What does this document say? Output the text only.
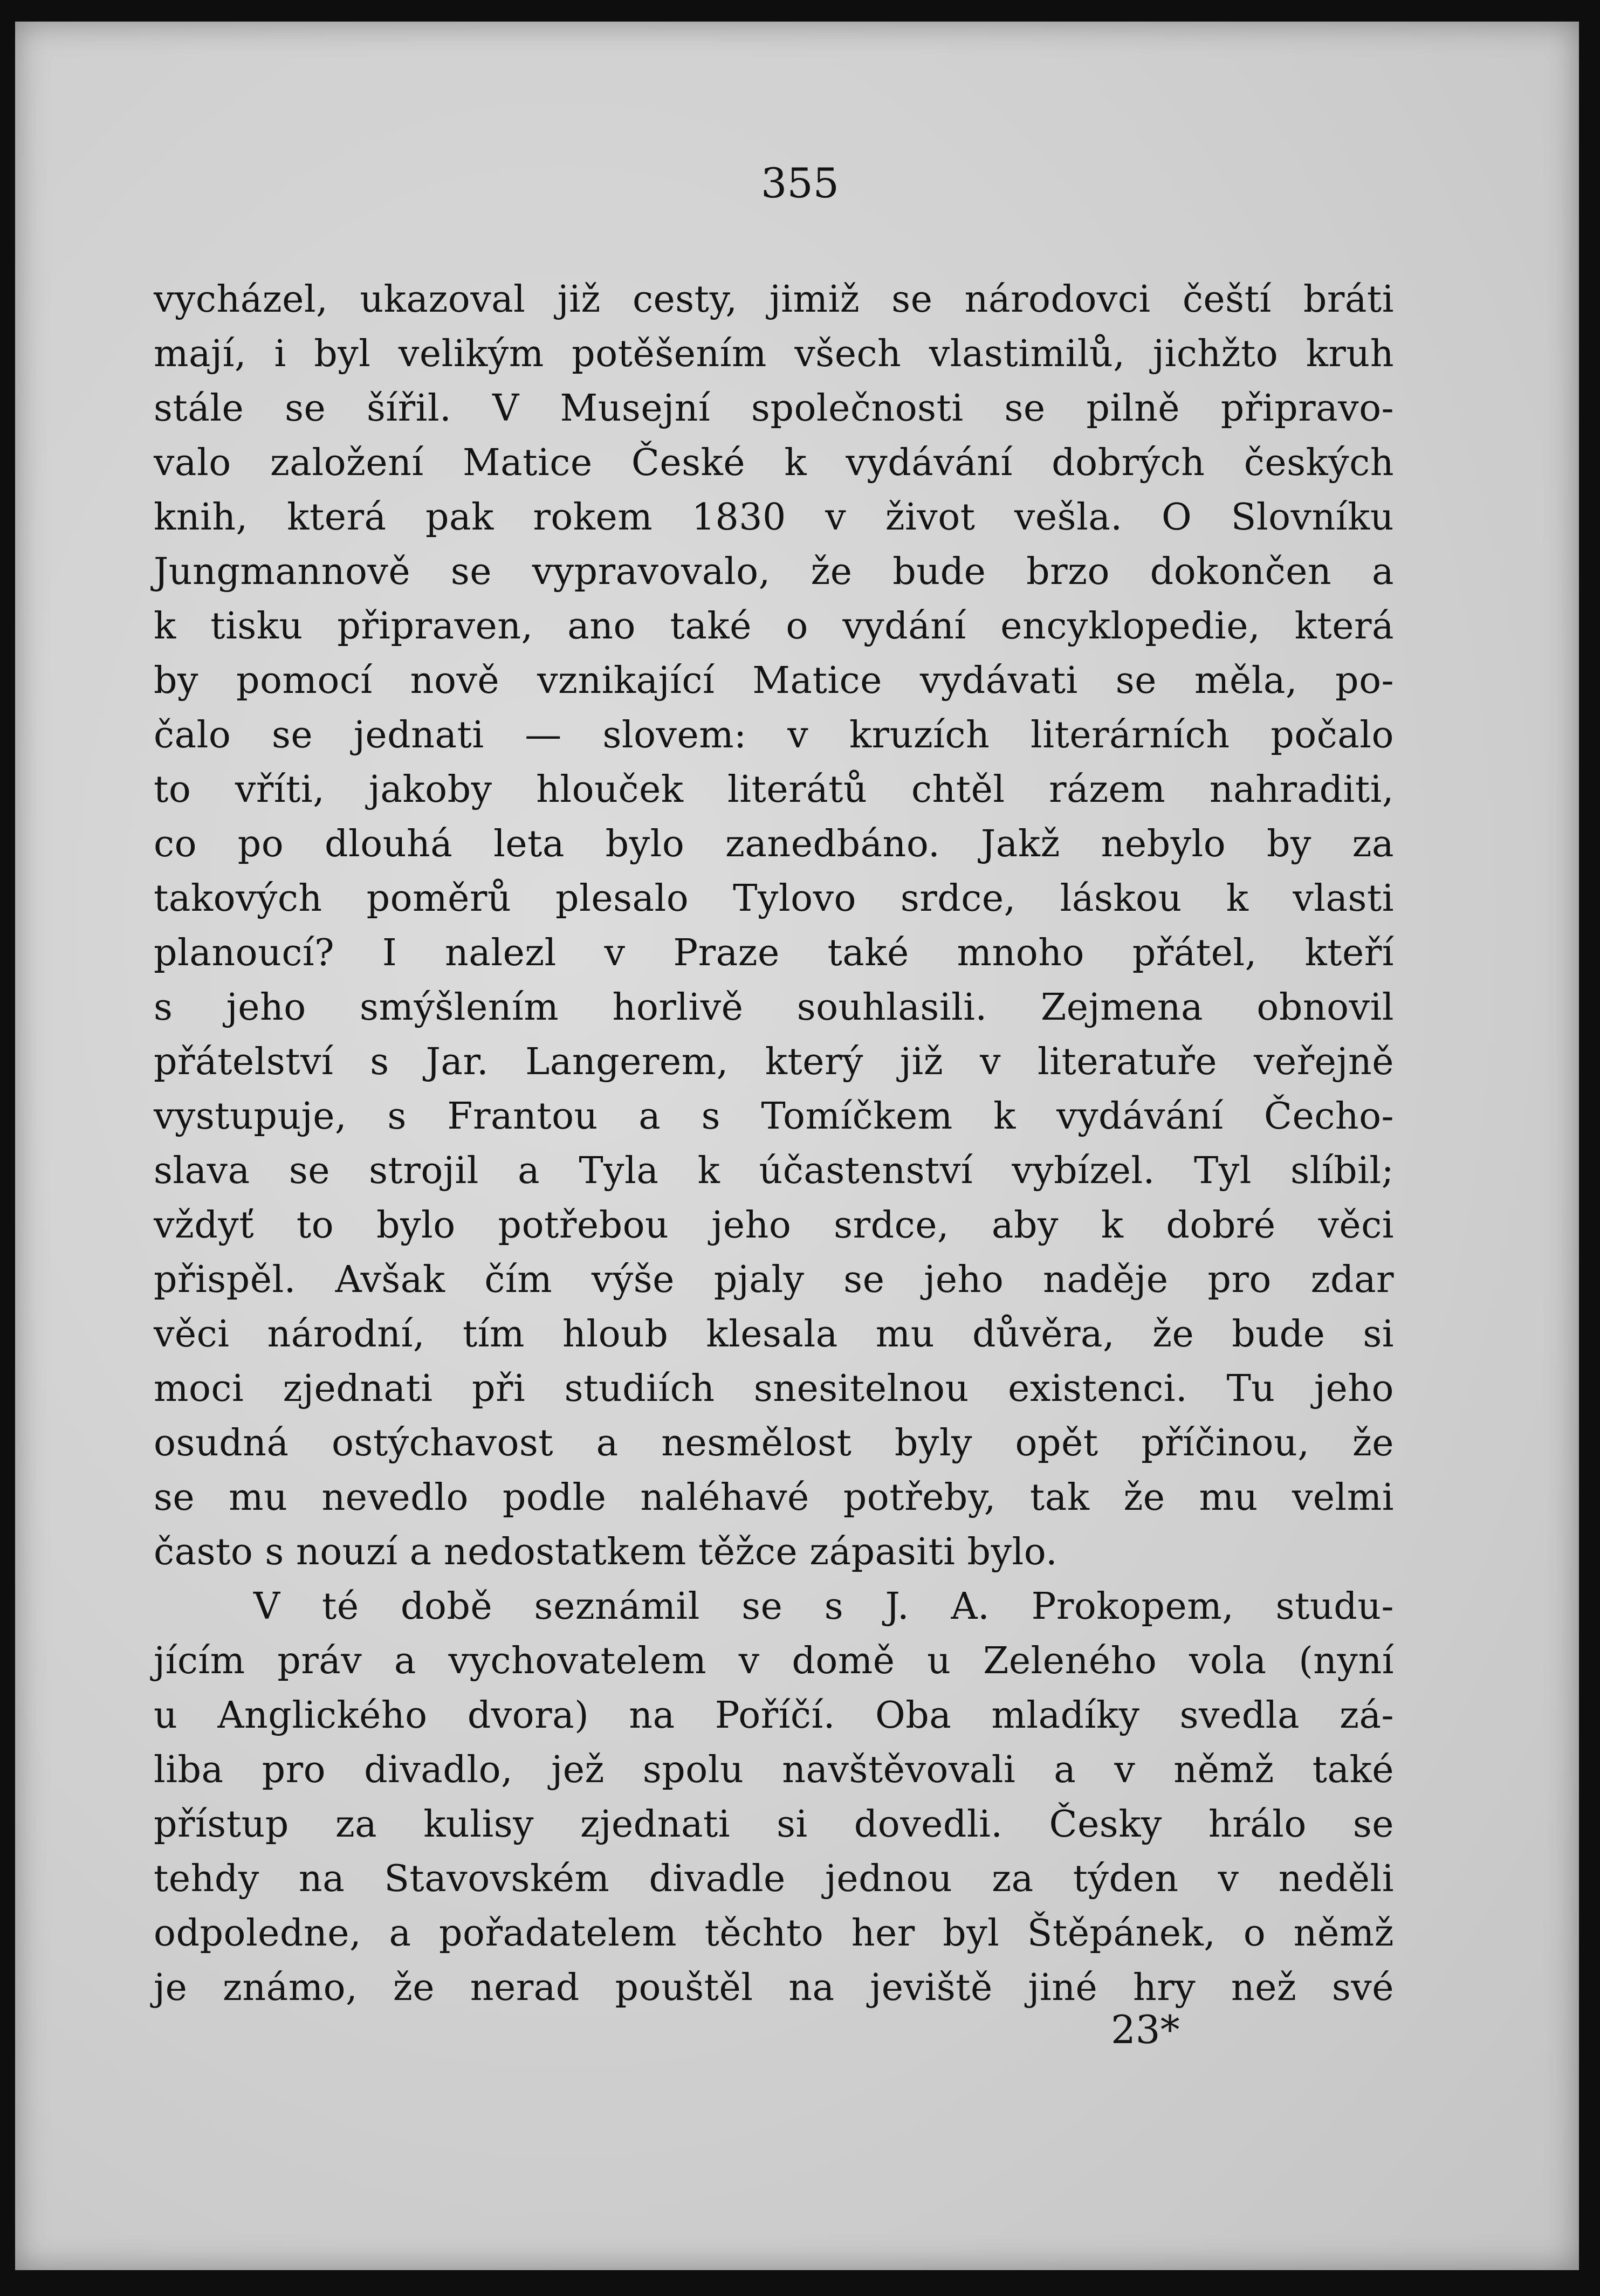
355
vycházel, ukazoval již cesty, jimiž se národovci čeští bráti
mají, i byl velikým potěšením všech vlastimilů, jichžto kruh
stále se šířil. V Musejní společnosti se pilně připravo-
valo založení Matice České k vydávání dobrých českých
knih, která pak rokem 1830 v život vešla. O Slovníku
Jungmannově se vypravovalo, že bude brzo dokončen a
k tisku připraven, ano také o vydání encyklopedie, která
by pomocí nově vznikající Matice vydávati se měla, po-
čalo se jednati — slovem: v kruzích literárních počalo
to vříti, jakoby hlouček literátů chtěl rázem nahraditi,
co po dlouhá leta bylo zanedbáno. Jakž nebylo by za
takových poměrů plesalo Tylovo srdce, láskou k vlasti
planoucí? I nalezl v Praze také mnoho přátel, kteří
s jeho smýšlením horlivě souhlasili. Zejmena obnovil
přátelství s Jar. Langerem, který již v literatuře veřejně
vystupuje, s Frantou a s Tomíčkem k vydávání Čecho-
slava se strojil a Tyla k účastenství vybízel. Tyl slíbil;
vždyť to bylo potřebou jeho srdce, aby k dobré věci
přispěl. Avšak čím výše pjaly se jeho naděje pro zdar
věci národní, tím hloub klesala mu důvěra, že bude si
moci zjednati při studiích snesitelnou existenci. Tu jeho
osudná ostýchavost a nesmělost byly opět příčinou, že
se mu nevedlo podle naléhavé potřeby, tak že mu velmi
často s nouzí a nedostatkem těžce zápasiti bylo.
V té době seznámil se s J. A. Prokopem, studu-
jícím práv a vychovatelem v domě u Zeleného vola (nyní
u Anglického dvora) na Poříčí. Oba mladíky svedla zá-
liba pro divadlo, jež spolu navštěvovali a v němž také
přístup za kulisy zjednati si dovedli. Česky hrálo se
tehdy na Stavovském divadle jednou za týden v neděli
odpoledne, a pořadatelem těchto her byl Štěpánek, o němž
je známo, že nerad pouštěl na jeviště jiné hry než své
23*
